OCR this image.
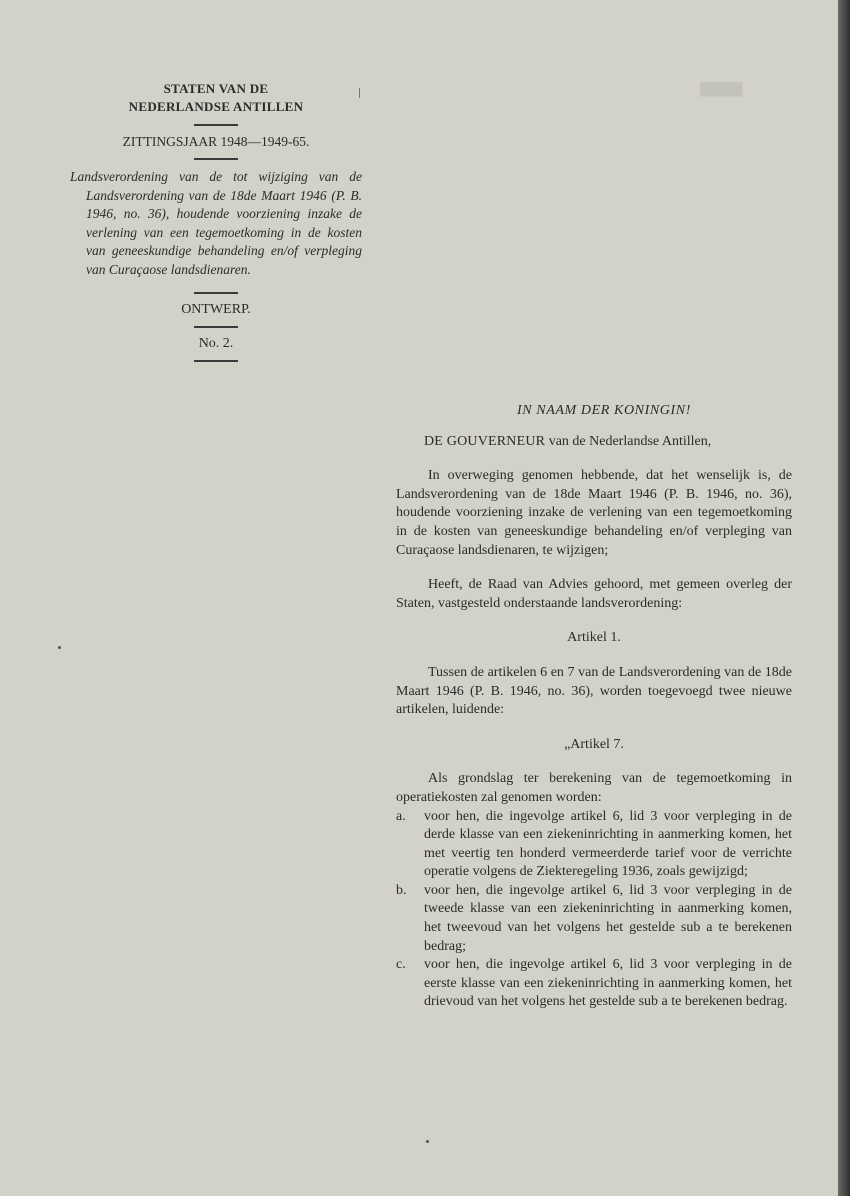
█████

STATEN VAN DE

NEDERLANDSE ANTILLEN

ZITTINGSJAAR 1948—1949-65.

Landsverordening van de tot wijziging van de Landsverordening van de 18de Maart 1946 (P. B. 1946, no. 36), houdende voorziening inzake de verlening van een tegemoetkoming in de kosten van geneeskundige behandeling en/of verpleging van Curaçaose landsdienaren.

ONTWERP.

No. 2.

IN NAAM DER KONINGIN!

DE GOUVERNEUR van de Nederlandse Antillen,

In overweging genomen hebbende, dat het wenselijk is, de Landsverordening van de 18de Maart 1946 (P. B. 1946, no. 36), houdende voorziening inzake de verlening van een tegemoetkoming in de kosten van geneeskundige behandeling en/of verpleging van Curaçaose landsdienaren, te wijzigen;

Heeft, de Raad van Advies gehoord, met gemeen overleg der Staten, vastgesteld onderstaande landsverordening:

Artikel 1.

Tussen de artikelen 6 en 7 van de Landsverordening van de 18de Maart 1946 (P. B. 1946, no. 36), worden toegevoegd twee nieuwe artikelen, luidende:

„Artikel 7.

Als grondslag ter berekening van de tegemoetkoming in operatiekosten zal genomen worden:

a. voor hen, die ingevolge artikel 6, lid 3 voor verpleging in de derde klasse van een ziekeninrichting in aanmerking komen, het met veertig ten honderd vermeerderde tarief voor de verrichte operatie volgens de Ziekteregeling 1936, zoals gewijzigd;
b. voor hen, die ingevolge artikel 6, lid 3 voor verpleging in de tweede klasse van een ziekeninrichting in aanmerking komen, het tweevoud van het volgens het gestelde sub a te berekenen bedrag;
c. voor hen, die ingevolge artikel 6, lid 3 voor verpleging in de eerste klasse van een ziekeninrichting in aanmerking komen, het drievoud van het volgens het gestelde sub a te berekenen bedrag.
